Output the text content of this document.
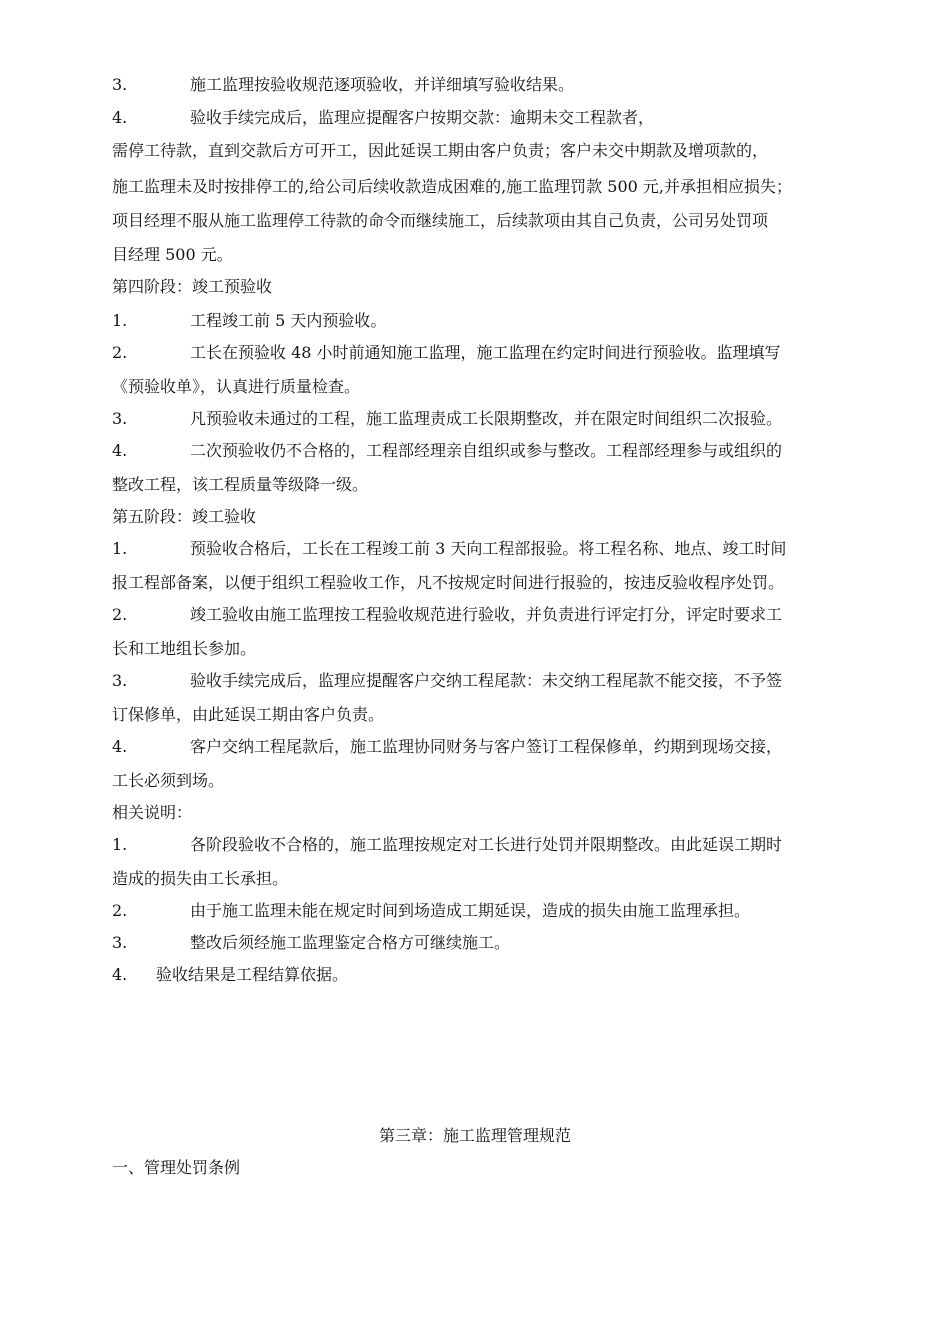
3.	施工监理按验收规范逐项验收，并详细填写验收结果。
4.	验收手续完成后，监理应提醒客户按期交款：逾期未交工程款者，
需停工待款，直到交款后方可开工，因此延误工期由客户负责；客户未交中期款及增项款的，
施工监理未及时按排停工的,给公司后续收款造成困难的,施工监理罚款 500 元,并承担相应损失；
项目经理不服从施工监理停工待款的命令而继续施工，后续款项由其自己负责，公司另处罚项
目经理 500 元。
第四阶段：竣工预验收
1.	工程竣工前 5 天内预验收。
2.	工长在预验收 48 小时前通知施工监理，施工监理在约定时间进行预验收。监理填写
《预验收单》，认真进行质量检查。
3.	凡预验收未通过的工程，施工监理责成工长限期整改，并在限定时间组织二次报验。
4.	二次预验收仍不合格的，工程部经理亲自组织或参与整改。工程部经理参与或组织的
整改工程，该工程质量等级降一级。
第五阶段：竣工验收
1.	预验收合格后，工长在工程竣工前 3 天向工程部报验。将工程名称、地点、竣工时间
报工程部备案，以便于组织工程验收工作，凡不按规定时间进行报验的，按违反验收程序处罚。
2.	竣工验收由施工监理按工程验收规范进行验收，并负责进行评定打分，评定时要求工
长和工地组长参加。
3.	验收手续完成后，监理应提醒客户交纳工程尾款：未交纳工程尾款不能交接，不予签
订保修单，由此延误工期由客户负责。
4.	客户交纳工程尾款后，施工监理协同财务与客户签订工程保修单，约期到现场交接，
工长必须到场。
相关说明：
1.	各阶段验收不合格的，施工监理按规定对工长进行处罚并限期整改。由此延误工期时
造成的损失由工长承担。
2.	由于施工监理未能在规定时间到场造成工期延误，造成的损失由施工监理承担。
3.	整改后须经施工监理鉴定合格方可继续施工。
4. 验收结果是工程结算依据。
第三章：施工监理管理规范
一、管理处罚条例
